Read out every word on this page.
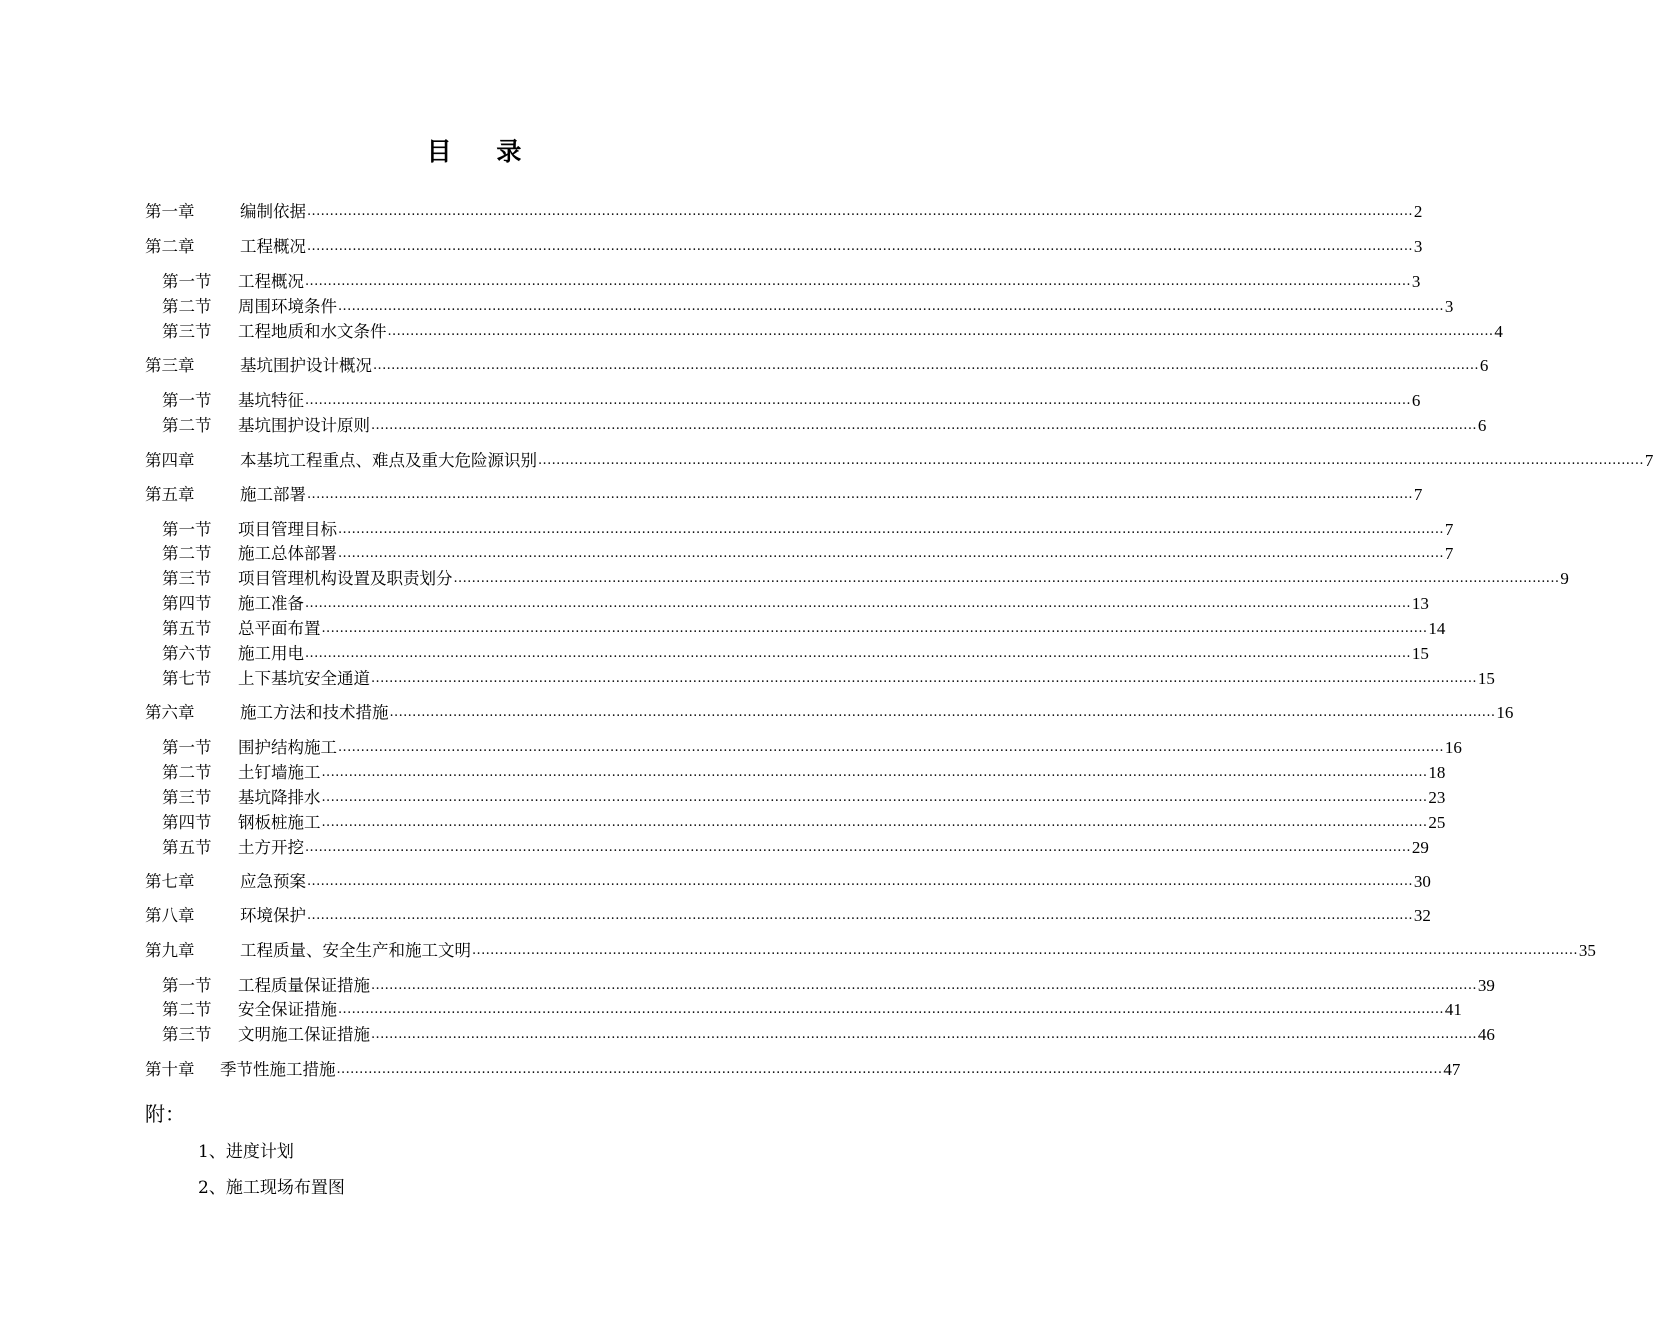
目    录
第一章	编制依据 .................................................................................................................................................................................................................................................... 2
第二章	工程概况 .................................................................................................................................................................................................................................................... 3
第一节	工程概况 .................................................................................................................................................................................................................................................... 3
第二节	周围环境条件 .................................................................................................................................................................................................................................................... 3
第三节	工程地质和水文条件 .................................................................................................................................................................................................................................................... 4
第三章	基坑围护设计概况 .................................................................................................................................................................................................................................................... 6
第一节	基坑特征 .................................................................................................................................................................................................................................................... 6
第二节	基坑围护设计原则 .................................................................................................................................................................................................................................................... 6
第四章	本基坑工程重点、难点及重大危险源识别 .................................................................................................................................................................................................................................................... 7
第五章	施工部署 .................................................................................................................................................................................................................................................... 7
第一节	项目管理目标 .................................................................................................................................................................................................................................................... 7
第二节	施工总体部署 .................................................................................................................................................................................................................................................... 7
第三节	项目管理机构设置及职责划分 .................................................................................................................................................................................................................................................... 9
第四节	施工准备 .................................................................................................................................................................................................................................................... 13
第五节	总平面布置 .................................................................................................................................................................................................................................................... 14
第六节	施工用电 .................................................................................................................................................................................................................................................... 15
第七节	上下基坑安全通道 .................................................................................................................................................................................................................................................... 15
第六章	施工方法和技术措施 .................................................................................................................................................................................................................................................... 16
第一节	围护结构施工 .................................................................................................................................................................................................................................................... 16
第二节	土钉墙施工 .................................................................................................................................................................................................................................................... 18
第三节	基坑降排水 .................................................................................................................................................................................................................................................... 23
第四节	钢板桩施工 .................................................................................................................................................................................................................................................... 25
第五节	土方开挖 .................................................................................................................................................................................................................................................... 29
第七章	应急预案 .................................................................................................................................................................................................................................................... 30
第八章	环境保护 .................................................................................................................................................................................................................................................... 32
第九章	工程质量、安全生产和施工文明 .................................................................................................................................................................................................................................................... 35
第一节	工程质量保证措施 .................................................................................................................................................................................................................................................... 39
第二节	安全保证措施 .................................................................................................................................................................................................................................................... 41
第三节	文明施工保证措施 .................................................................................................................................................................................................................................................... 46
第十章	季节性施工措施 .................................................................................................................................................................................................................................................... 47
附：
1、进度计划
2、施工现场布置图
